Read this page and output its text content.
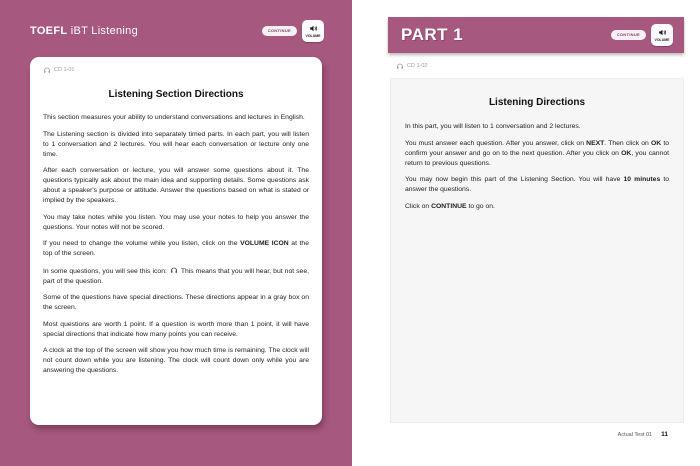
TOEFL iBT Listening	CONTINUE
VOLUME
CD 1-01
Listening Section Directions

This section measures your ability to understand conversations and lectures in English.

The Listening section is divided into separately timed parts. In each part, you will listen to 1 conversation and 2 lectures. You will hear each conversation or lecture only one time.

After each conversation or lecture, you will answer some questions about it. The questions typically ask about the main idea and supporting details. Some questions ask about a speaker's purpose or attitude. Answer the questions based on what is stated or implied by the speakers.

You may take notes while you listen. You may use your notes to help you answer the questions. Your notes will not be scored.

If you need to change the volume while you listen, click on the VOLUME ICON at the top of the screen.

In some questions, you will see this icon:
This means that you will hear, but not see, part of the question.

Some of the questions have special directions. These directions appear in a gray box on the screen.

Most questions are worth 1 point. If a question is worth more than 1 point, it will have special directions that indicate how many points you can receive.

A clock at the top of the screen will show you how much time is remaining. The clock will not count down while you are listening. The clock will count down only while you are answering the questions.

PART 1	CONTINUE
VOLUME
CD 1-02
Listening Directions

In this part, you will listen to 1 conversation and 2 lectures.

You must answer each question. After you answer, click on NEXT. Then click on OK to confirm your answer and go on to the next question. After you click on OK, you cannot return to previous questions.

You may now begin this part of the Listening Section. You will have 10 minutes to answer the questions.

Click on CONTINUE to go on.

Actual Test 01 11
